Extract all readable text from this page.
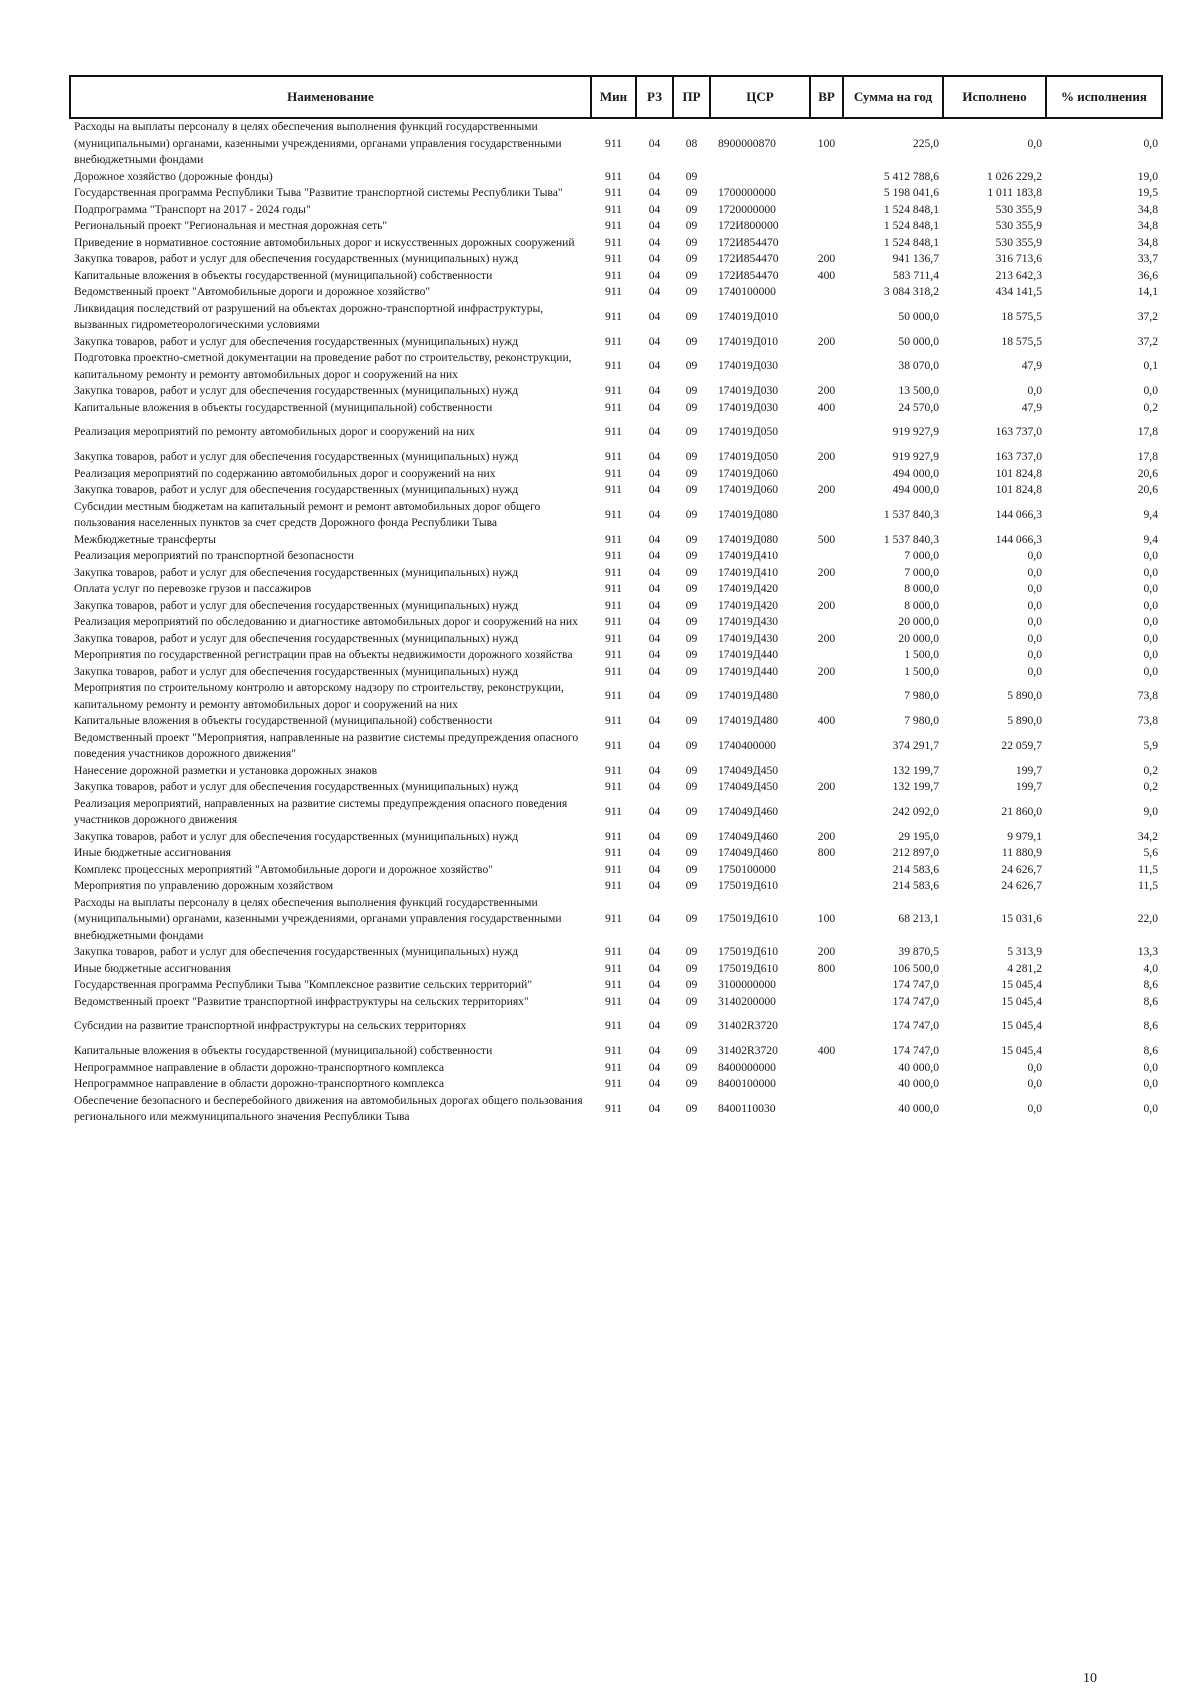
Наименование	Мин	РЗ	ПР	ЦСР	ВР	Сумма на год	Исполнено	% исполнения
Расходы на выплаты персоналу в целях обеспечения выполнения функций государственными (муниципальными) органами, казенными учреждениями, органами управления государственными внебюджетными фондами	911	04	08	8900000870	100	225,0	0,0	0,0
Дорожное хозяйство (дорожные фонды)	911	04	09			5 412 788,6	1 026 229,2	19,0
Государственная программа Республики Тыва "Развитие транспортной системы Республики Тыва"	911	04	09	1700000000		5 198 041,6	1 011 183,8	19,5
Подпрограмма "Транспорт на 2017 - 2024 годы"	911	04	09	1720000000		1 524 848,1	530 355,9	34,8
Региональный проект "Региональная и местная дорожная сеть"	911	04	09	172И800000		1 524 848,1	530 355,9	34,8
Приведение в нормативное состояние автомобильных дорог и искусственных дорожных сооружений	911	04	09	172И854470		1 524 848,1	530 355,9	34,8
Закупка товаров, работ и услуг для обеспечения государственных (муниципальных) нужд	911	04	09	172И854470	200	941 136,7	316 713,6	33,7
Капитальные вложения в объекты государственной (муниципальной) собственности	911	04	09	172И854470	400	583 711,4	213 642,3	36,6
Ведомственный проект "Автомобильные дороги и дорожное хозяйство"	911	04	09	1740100000		3 084 318,2	434 141,5	14,1
Ликвидация последствий от разрушений на объектах дорожно-транспортной инфраструктуры, вызванных гидрометеорологическими условиями	911	04	09	174019Д010		50 000,0	18 575,5	37,2
Закупка товаров, работ и услуг для обеспечения государственных (муниципальных) нужд	911	04	09	174019Д010	200	50 000,0	18 575,5	37,2
Подготовка проектно-сметной документации на проведение работ по строительству, реконструкции, капитальному ремонту и ремонту автомобильных дорог и сооружений на них	911	04	09	174019Д030		38 070,0	47,9	0,1
Закупка товаров, работ и услуг для обеспечения государственных (муниципальных) нужд	911	04	09	174019Д030	200	13 500,0	0,0	0,0
Капитальные вложения в объекты государственной (муниципальной) собственности	911	04	09	174019Д030	400	24 570,0	47,9	0,2
Реализация мероприятий по ремонту автомобильных дорог и сооружений на них	911	04	09	174019Д050		919 927,9	163 737,0	17,8
Закупка товаров, работ и услуг для обеспечения государственных (муниципальных) нужд	911	04	09	174019Д050	200	919 927,9	163 737,0	17,8
Реализация мероприятий по содержанию автомобильных дорог и сооружений на них	911	04	09	174019Д060		494 000,0	101 824,8	20,6
Закупка товаров, работ и услуг для обеспечения государственных (муниципальных) нужд	911	04	09	174019Д060	200	494 000,0	101 824,8	20,6
Субсидии местным бюджетам на капитальный ремонт и ремонт автомобильных дорог общего пользования населенных пунктов за счет средств Дорожного фонда Республики Тыва	911	04	09	174019Д080		1 537 840,3	144 066,3	9,4
Межбюджетные трансферты	911	04	09	174019Д080	500	1 537 840,3	144 066,3	9,4
Реализация мероприятий по транспортной безопасности	911	04	09	174019Д410		7 000,0	0,0	0,0
Закупка товаров, работ и услуг для обеспечения государственных (муниципальных) нужд	911	04	09	174019Д410	200	7 000,0	0,0	0,0
Оплата услуг по перевозке грузов и пассажиров	911	04	09	174019Д420		8 000,0	0,0	0,0
Закупка товаров, работ и услуг для обеспечения государственных (муниципальных) нужд	911	04	09	174019Д420	200	8 000,0	0,0	0,0
Реализация мероприятий по обследованию и диагностике автомобильных дорог и сооружений на них	911	04	09	174019Д430		20 000,0	0,0	0,0
Закупка товаров, работ и услуг для обеспечения государственных (муниципальных) нужд	911	04	09	174019Д430	200	20 000,0	0,0	0,0
Мероприятия по государственной регистрации прав на объекты недвижимости дорожного хозяйства	911	04	09	174019Д440		1 500,0	0,0	0,0
Закупка товаров, работ и услуг для обеспечения государственных (муниципальных) нужд	911	04	09	174019Д440	200	1 500,0	0,0	0,0
Мероприятия по строительному контролю и авторскому надзору по строительству, реконструкции, капитальному ремонту и ремонту автомобильных дорог и сооружений на них	911	04	09	174019Д480		7 980,0	5 890,0	73,8
Капитальные вложения в объекты государственной (муниципальной) собственности	911	04	09	174019Д480	400	7 980,0	5 890,0	73,8
Ведомственный проект "Мероприятия, направленные на развитие системы предупреждения опасного поведения участников дорожного движения"	911	04	09	1740400000		374 291,7	22 059,7	5,9
Нанесение дорожной разметки и установка дорожных знаков	911	04	09	174049Д450		132 199,7	199,7	0,2
Закупка товаров, работ и услуг для обеспечения государственных (муниципальных) нужд	911	04	09	174049Д450	200	132 199,7	199,7	0,2
Реализация мероприятий, направленных на развитие системы предупреждения опасного поведения участников дорожного движения	911	04	09	174049Д460		242 092,0	21 860,0	9,0
Закупка товаров, работ и услуг для обеспечения государственных (муниципальных) нужд	911	04	09	174049Д460	200	29 195,0	9 979,1	34,2
Иные бюджетные ассигнования	911	04	09	174049Д460	800	212 897,0	11 880,9	5,6
Комплекс процессных мероприятий "Автомобильные дороги и дорожное хозяйство"	911	04	09	1750100000		214 583,6	24 626,7	11,5
Мероприятия по управлению дорожным хозяйством	911	04	09	175019Д610		214 583,6	24 626,7	11,5
Расходы на выплаты персоналу в целях обеспечения выполнения функций государственными (муниципальными) органами, казенными учреждениями, органами управления государственными внебюджетными фондами	911	04	09	175019Д610	100	68 213,1	15 031,6	22,0
Закупка товаров, работ и услуг для обеспечения государственных (муниципальных) нужд	911	04	09	175019Д610	200	39 870,5	5 313,9	13,3
Иные бюджетные ассигнования	911	04	09	175019Д610	800	106 500,0	4 281,2	4,0
Государственная программа Республики Тыва "Комплексное развитие сельских территорий"	911	04	09	3100000000		174 747,0	15 045,4	8,6
Ведомственный проект "Развитие транспортной инфраструктуры на сельских территориях"	911	04	09	3140200000		174 747,0	15 045,4	8,6
Субсидии на развитие транспортной инфраструктуры на сельских территориях	911	04	09	31402R3720		174 747,0	15 045,4	8,6
Капитальные вложения в объекты государственной (муниципальной) собственности	911	04	09	31402R3720	400	174 747,0	15 045,4	8,6
Непрограммное направление в области дорожно-транспортного комплекса	911	04	09	8400000000		40 000,0	0,0	0,0
Непрограммное направление в области дорожно-транспортного комплекса	911	04	09	8400100000		40 000,0	0,0	0,0
Обеспечение безопасного и бесперебойного движения на автомобильных дорогах общего пользования регионального или межмуниципального значения Республики Тыва	911	04	09	8400110030		40 000,0	0,0	0,0
10
